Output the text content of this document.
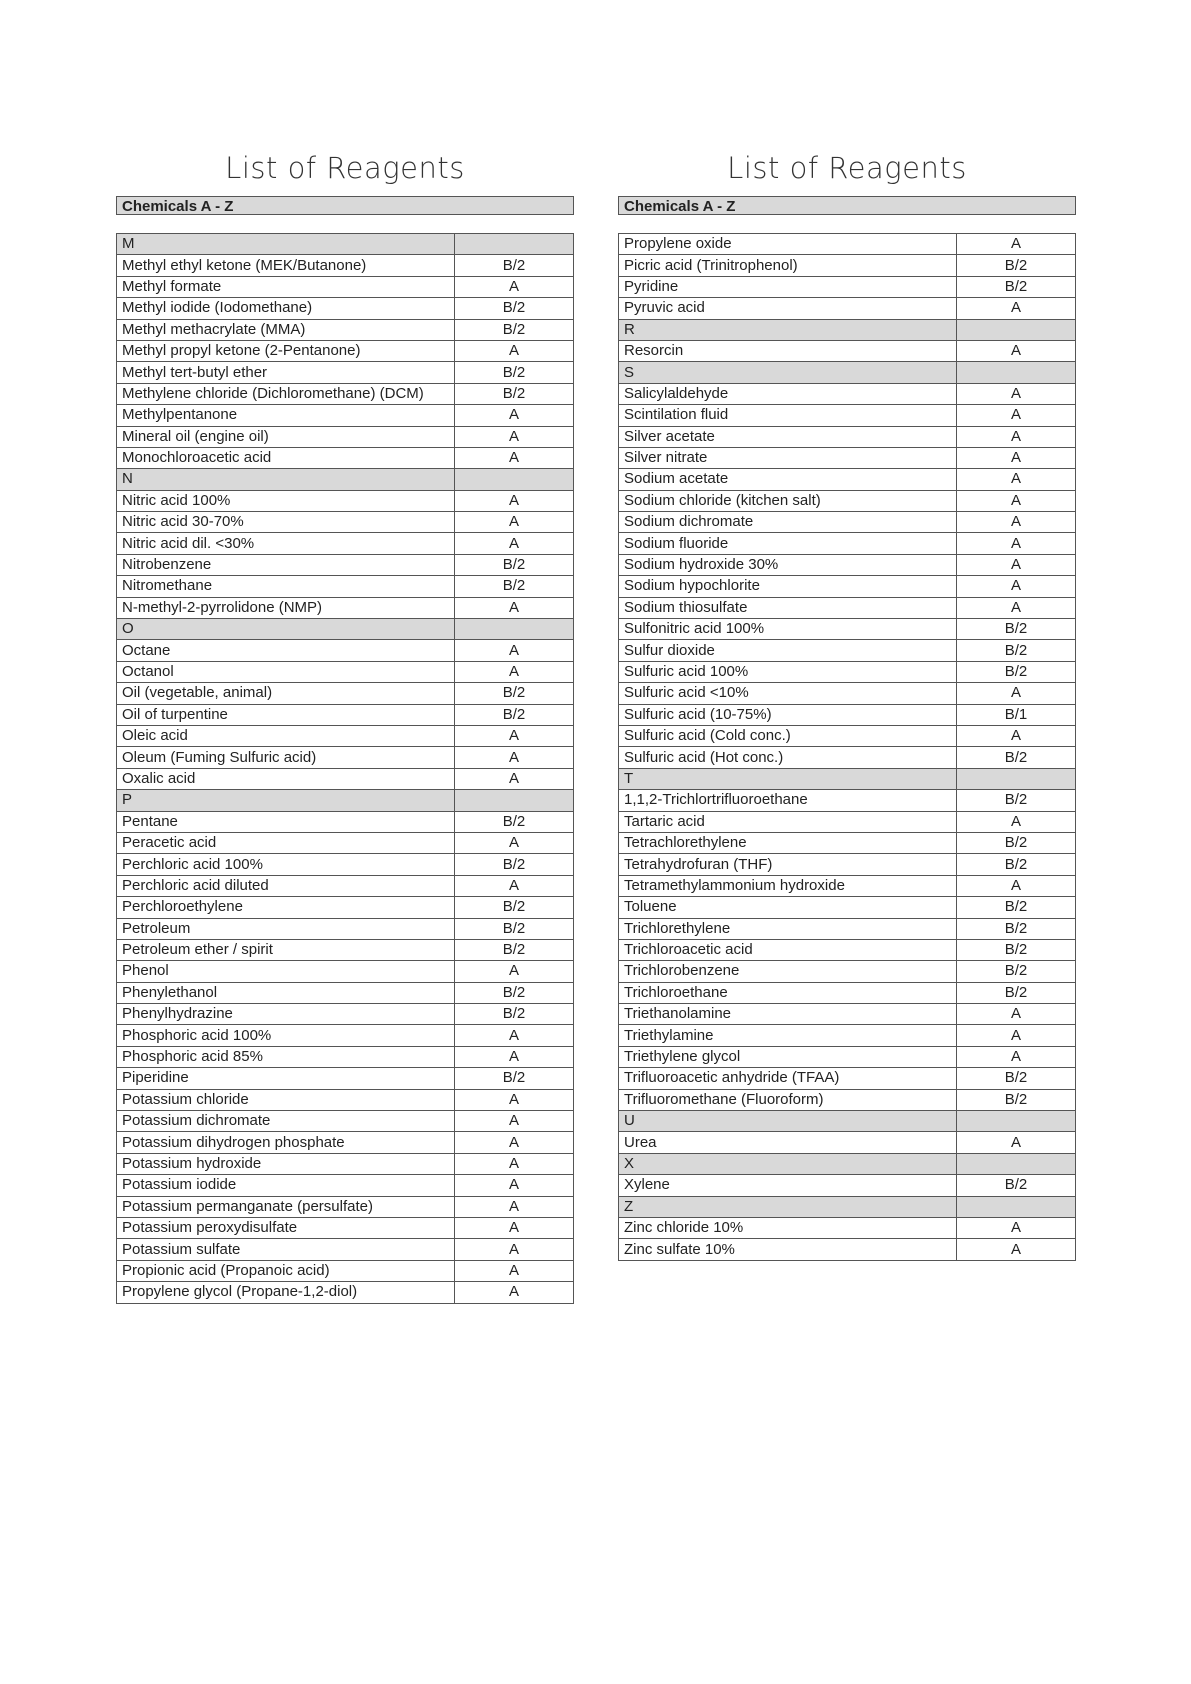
List of Reagents
Chemicals A - Z
M	
Methyl ethyl ketone (MEK/Butanone)	B/2
Methyl formate	A
Methyl iodide (Iodomethane)	B/2
Methyl methacrylate (MMA)	B/2
Methyl propyl ketone (2-Pentanone)	A
Methyl tert-butyl ether	B/2
Methylene chloride (Dichloromethane) (DCM)	B/2
Methylpentanone	A
Mineral oil (engine oil)	A
Monochloroacetic acid	A
N	
Nitric acid 100%	A
Nitric acid 30-70%	A
Nitric acid dil. <30%	A
Nitrobenzene	B/2
Nitromethane	B/2
N-methyl-2-pyrrolidone (NMP)	A
O	
Octane	A
Octanol	A
Oil (vegetable, animal)	B/2
Oil of turpentine	B/2
Oleic acid	A
Oleum (Fuming Sulfuric acid)	A
Oxalic acid	A
P	
Pentane	B/2
Peracetic acid	A
Perchloric acid 100%	B/2
Perchloric acid diluted	A
Perchloroethylene	B/2
Petroleum	B/2
Petroleum ether / spirit	B/2
Phenol	A
Phenylethanol	B/2
Phenylhydrazine	B/2
Phosphoric acid 100%	A
Phosphoric acid 85%	A
Piperidine	B/2
Potassium chloride	A
Potassium dichromate	A
Potassium dihydrogen phosphate	A
Potassium hydroxide	A
Potassium iodide	A
Potassium permanganate (persulfate)	A
Potassium peroxydisulfate	A
Potassium sulfate	A
Propionic acid (Propanoic acid)	A
Propylene glycol (Propane-1,2-diol)	A
List of Reagents
Chemicals A - Z
Propylene oxide	A
Picric acid (Trinitrophenol)	B/2
Pyridine	B/2
Pyruvic acid	A
R	
Resorcin	A
S	
Salicylaldehyde	A
Scintilation fluid	A
Silver acetate	A
Silver nitrate	A
Sodium acetate	A
Sodium chloride (kitchen salt)	A
Sodium dichromate	A
Sodium fluoride	A
Sodium hydroxide 30%	A
Sodium hypochlorite	A
Sodium thiosulfate	A
Sulfonitric acid 100%	B/2
Sulfur dioxide	B/2
Sulfuric acid 100%	B/2
Sulfuric acid <10%	A
Sulfuric acid (10-75%)	B/1
Sulfuric acid (Cold conc.)	A
Sulfuric acid (Hot conc.)	B/2
T	
1,1,2-Trichlortrifluoroethane	B/2
Tartaric acid	A
Tetrachlorethylene	B/2
Tetrahydrofuran (THF)	B/2
Tetramethylammonium hydroxide	A
Toluene	B/2
Trichlorethylene	B/2
Trichloroacetic acid	B/2
Trichlorobenzene	B/2
Trichloroethane	B/2
Triethanolamine	A
Triethylamine	A
Triethylene glycol	A
Trifluoroacetic anhydride (TFAA)	B/2
Trifluoromethane (Fluoroform)	B/2
U	
Urea	A
X	
Xylene	B/2
Z	
Zinc chloride 10%	A
Zinc sulfate 10%	A
